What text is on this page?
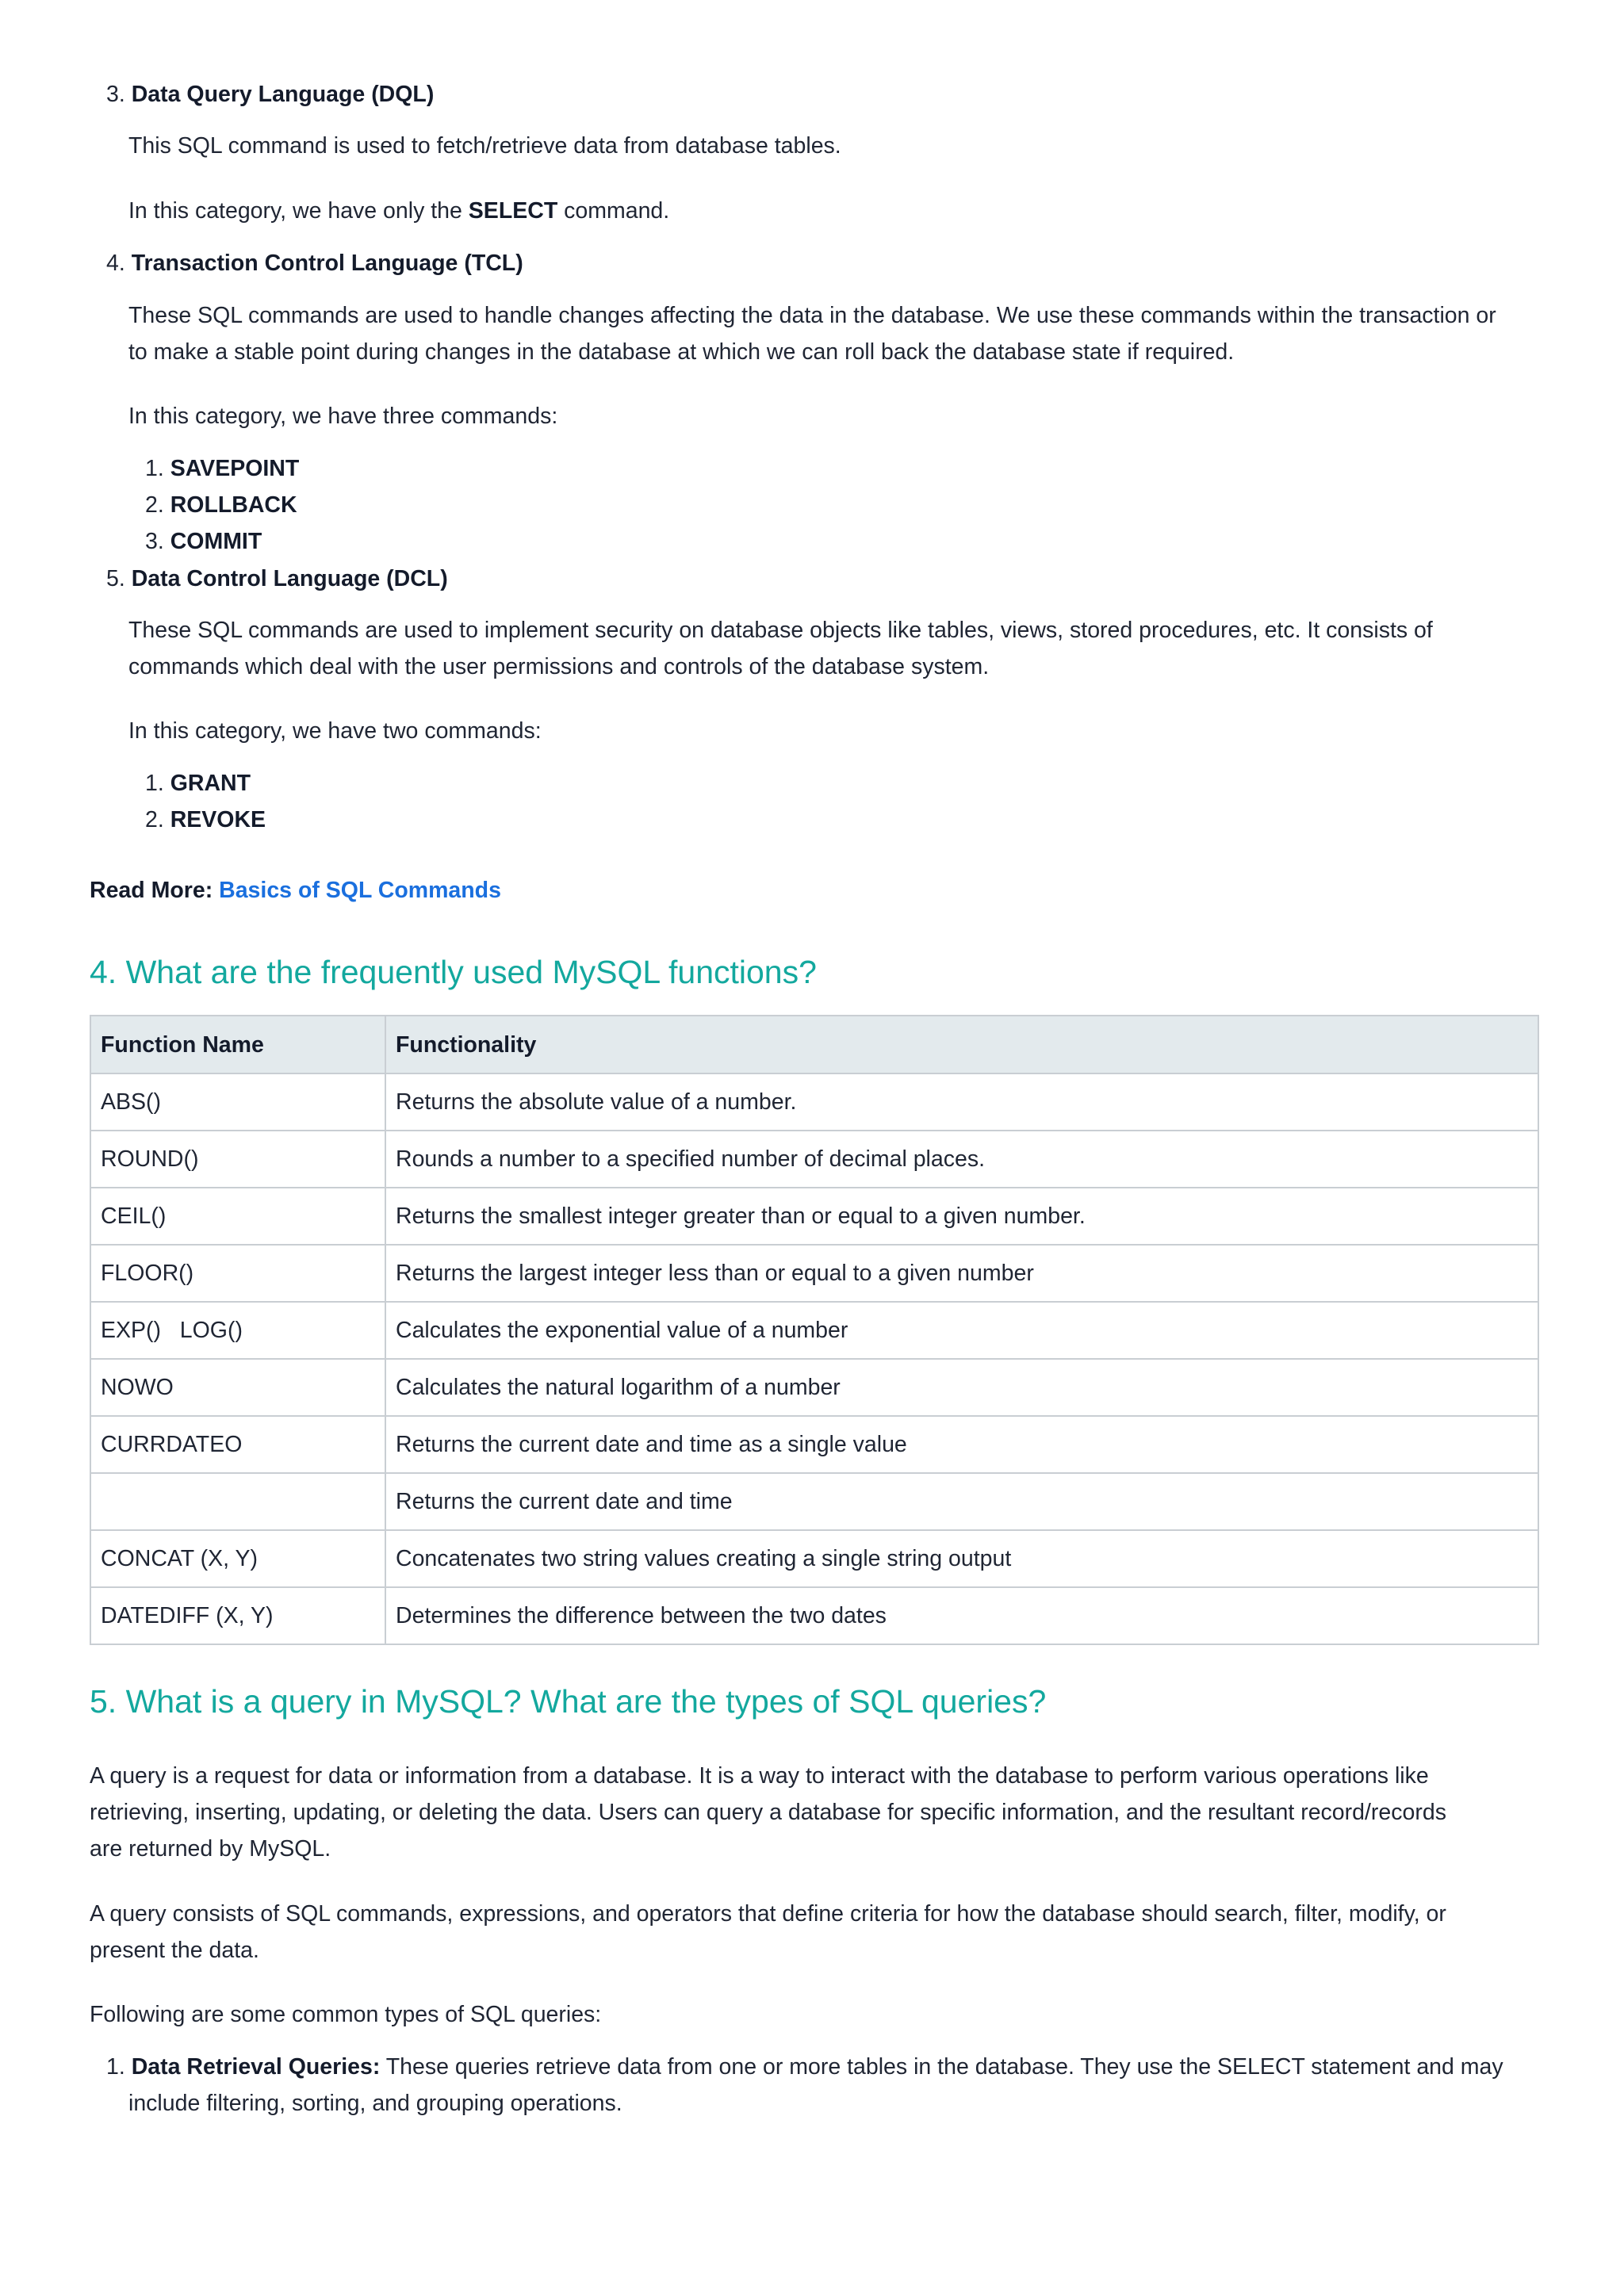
3. Data Query Language (DQL)
This SQL command is used to fetch/retrieve data from database tables.
In this category, we have only the SELECT command.
4. Transaction Control Language (TCL)
These SQL commands are used to handle changes affecting the data in the database. We use these commands within the transaction or
to make a stable point during changes in the database at which we can roll back the database state if required.
In this category, we have three commands:
1. SAVEPOINT
2. ROLLBACK
3. COMMIT
5. Data Control Language (DCL)
These SQL commands are used to implement security on database objects like tables, views, stored procedures, etc. It consists of
commands which deal with the user permissions and controls of the database system.
In this category, we have two commands:
1. GRANT
2. REVOKE
Read More: Basics of SQL Commands
4. What are the frequently used MySQL functions?
Function Name	Functionality
ABS()	Returns the absolute value of a number.
ROUND()	Rounds a number to a specified number of decimal places.
CEIL()	Returns the smallest integer greater than or equal to a given number.
FLOOR()	Returns the largest integer less than or equal to a given number
EXP()   LOG()	Calculates the exponential value of a number
NOWO	Calculates the natural logarithm of a number
CURRDATEO	Returns the current date and time as a single value
	Returns the current date and time
CONCAT (X, Y)	Concatenates two string values creating a single string output
DATEDIFF (X, Y)	Determines the difference between the two dates
5. What is a query in MySQL? What are the types of SQL queries?
A query is a request for data or information from a database. It is a way to interact with the database to perform various operations like
retrieving, inserting, updating, or deleting the data. Users can query a database for specific information, and the resultant record/records
are returned by MySQL.
A query consists of SQL commands, expressions, and operators that define criteria for how the database should search, filter, modify, or
present the data.
Following are some common types of SQL queries:
1. Data Retrieval Queries: These queries retrieve data from one or more tables in the database. They use the SELECT statement and may
include filtering, sorting, and grouping operations.
